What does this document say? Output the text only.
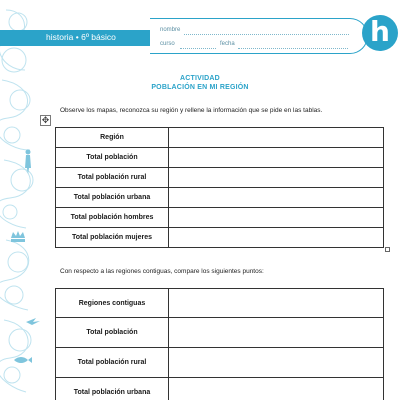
historia • 6º básico
nombre
curso	fecha	h
ACTIVIDAD
POBLACIÓN EN MI REGIÓN
Observe los mapas, reconozca su región y rellene la información que se pide en las tablas.
✥
Región	
Total población	
Total población rural	
Total población urbana	
Total población hombres	
Total población mujeres	
Con respecto a las regiones contiguas, compare los siguientes puntos:
Regiones contiguas	
Total población	
Total población rural	
Total población urbana	
